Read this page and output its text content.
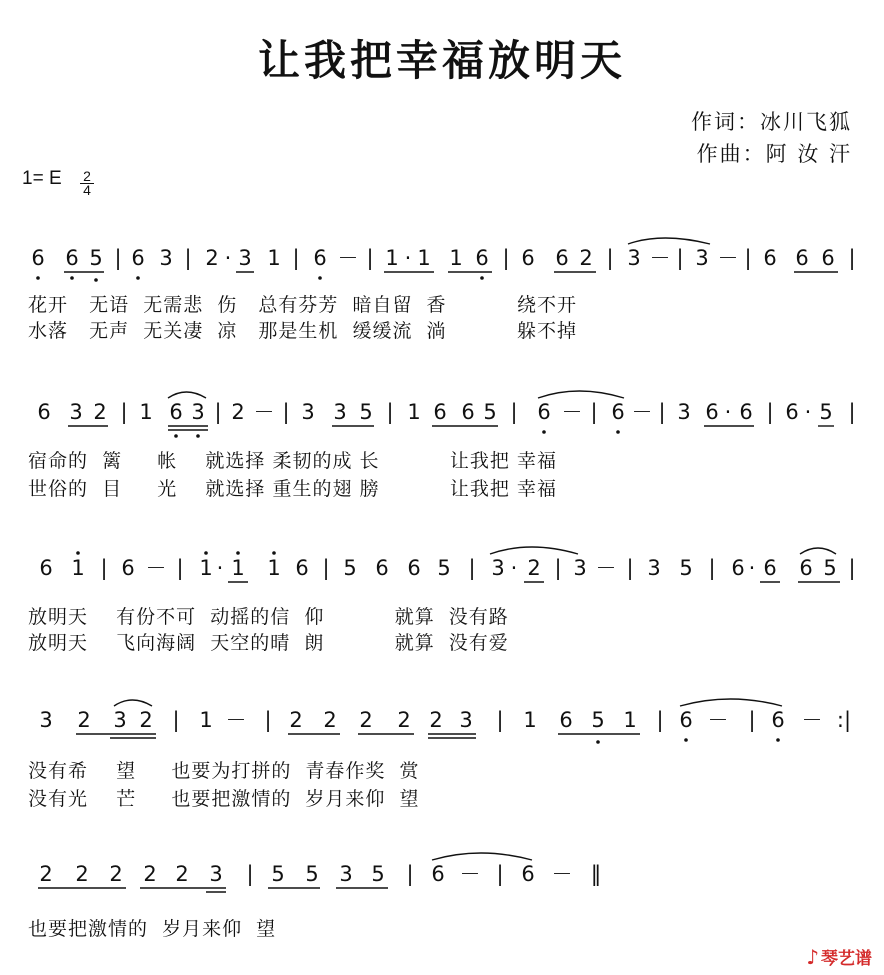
让我把幸福放明天
作词：冰川飞狐
作曲：阿 汝 汗
1= E 2
4
6 6 5 | 6 3 | 2 · 3 1 | 6 － | 1 · 1 1 6 | 6 6 2 | 3 － | 3 － | 6 6 6 |
花开   无语  无需悲  伤   总有芬芳  暗自留  香          绕不开
水落   无声  无关凄  凉   那是生机  缓缓流  淌          躲不掉
6 3 2 | 1 6 3 | 2 － | 3 3 5 | 1 6 6 5 | 6 － | 6 － | 3 6 · 6 | 6 · 5 |
宿命的  篱     帐    就选择 柔韧的成 长          让我把 幸福
世俗的  目     光    就选择 重生的翅 膀          让我把 幸福
6 1 | 6 － | 1 · 1 1 6 | 5 6 6 5 | 3 · 2 | 3 － | 3 5 | 6 · 6 6 5 |
放明天    有份不可  动摇的信  仰          就算  没有路
放明天    飞向海阔  天空的晴  朗          就算  没有爱
3 2 3 2 | 1 － | 2 2 2 2 2 3 | 1 6 5 1 | 6 － | 6 － :|
没有希    望     也要为打拼的  青春作奖  赏
没有光    芒     也要把激情的  岁月来仰  望
2 2 2 2 2 3 | 5 5 3 5 | 6 － | 6 － ‖
也要把激情的  岁月来仰  望
♪ 琴艺谱
